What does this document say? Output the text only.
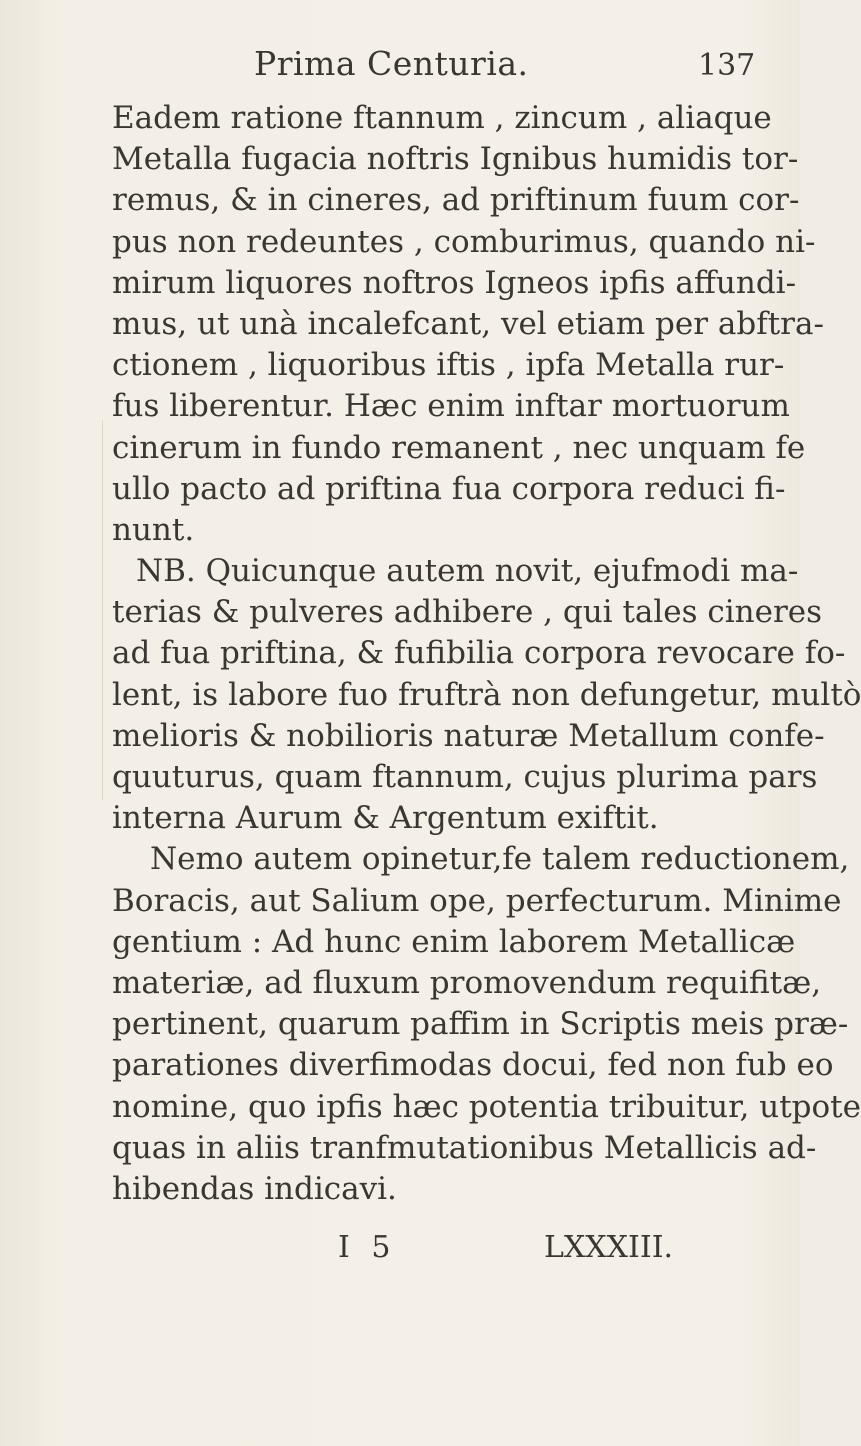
Prima Centuria.	137
Eadem ratione ftannum , zincum , aliaque
Metalla fugacia noftris Ignibus humidis tor-
remus, & in cineres, ad priftinum fuum cor-
pus non redeuntes , comburimus, quando ni-
mirum liquores noftros Igneos ipfis affundi-
mus, ut unà incalefcant, vel etiam per abftra-
ctionem , liquoribus iftis , ipfa Metalla rur-
fus liberentur. Hæc enim inftar mortuorum
cinerum in fundo remanent , nec unquam fe
ullo pacto ad priftina fua corpora reduci fi-
nunt.
NB. Quicunque autem novit, ejufmodi ma-
terias & pulveres adhibere , qui tales cineres
ad fua priftina, & fufibilia corpora revocare fo-
lent, is labore fuo fruftrà non defungetur, multò
melioris & nobilioris naturæ Metallum confe-
quuturus, quam ftannum, cujus plurima pars
interna Aurum & Argentum exiftit.
Nemo autem opinetur,fe talem reductionem,
Boracis, aut Salium ope, perfecturum. Minime
gentium : Ad hunc enim laborem Metallicæ
materiæ, ad fluxum promovendum requifitæ,
pertinent, quarum paffim in Scriptis meis præ-
parationes diverfimodas docui, fed non fub eo
nomine, quo ipfis hæc potentia tribuitur, utpote
quas in aliis tranfmutationibus Metallicis ad-
hibendas indicavi.
I 5	LXXXIII.
